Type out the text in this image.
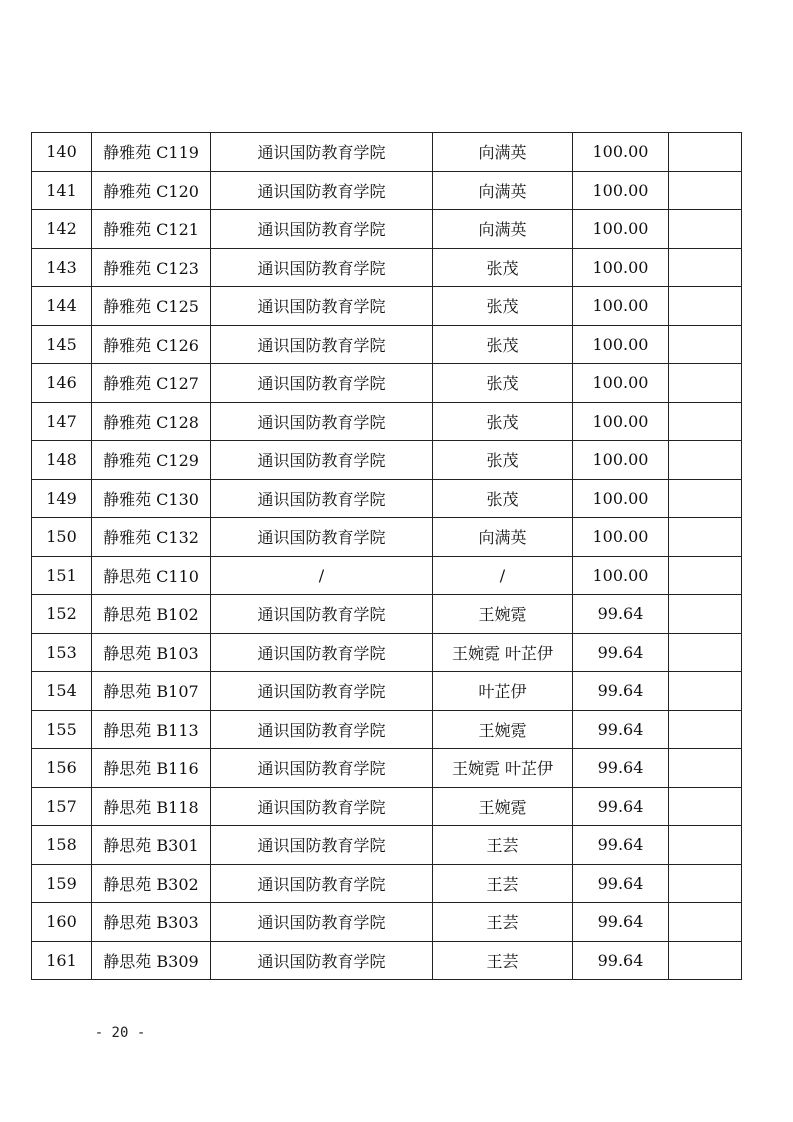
140	静雅苑 C119	通识国防教育学院	向满英	100.00	
141	静雅苑 C120	通识国防教育学院	向满英	100.00	
142	静雅苑 C121	通识国防教育学院	向满英	100.00	
143	静雅苑 C123	通识国防教育学院	张茂	100.00	
144	静雅苑 C125	通识国防教育学院	张茂	100.00	
145	静雅苑 C126	通识国防教育学院	张茂	100.00	
146	静雅苑 C127	通识国防教育学院	张茂	100.00	
147	静雅苑 C128	通识国防教育学院	张茂	100.00	
148	静雅苑 C129	通识国防教育学院	张茂	100.00	
149	静雅苑 C130	通识国防教育学院	张茂	100.00	
150	静雅苑 C132	通识国防教育学院	向满英	100.00	
151	静思苑 C110	/	/	100.00	
152	静思苑 B102	通识国防教育学院	王婉霓	99.64	
153	静思苑 B103	通识国防教育学院	王婉霓 叶芷伊	99.64	
154	静思苑 B107	通识国防教育学院	叶芷伊	99.64	
155	静思苑 B113	通识国防教育学院	王婉霓	99.64	
156	静思苑 B116	通识国防教育学院	王婉霓 叶芷伊	99.64	
157	静思苑 B118	通识国防教育学院	王婉霓	99.64	
158	静思苑 B301	通识国防教育学院	王芸	99.64	
159	静思苑 B302	通识国防教育学院	王芸	99.64	
160	静思苑 B303	通识国防教育学院	王芸	99.64	
161	静思苑 B309	通识国防教育学院	王芸	99.64	
- 20 -
